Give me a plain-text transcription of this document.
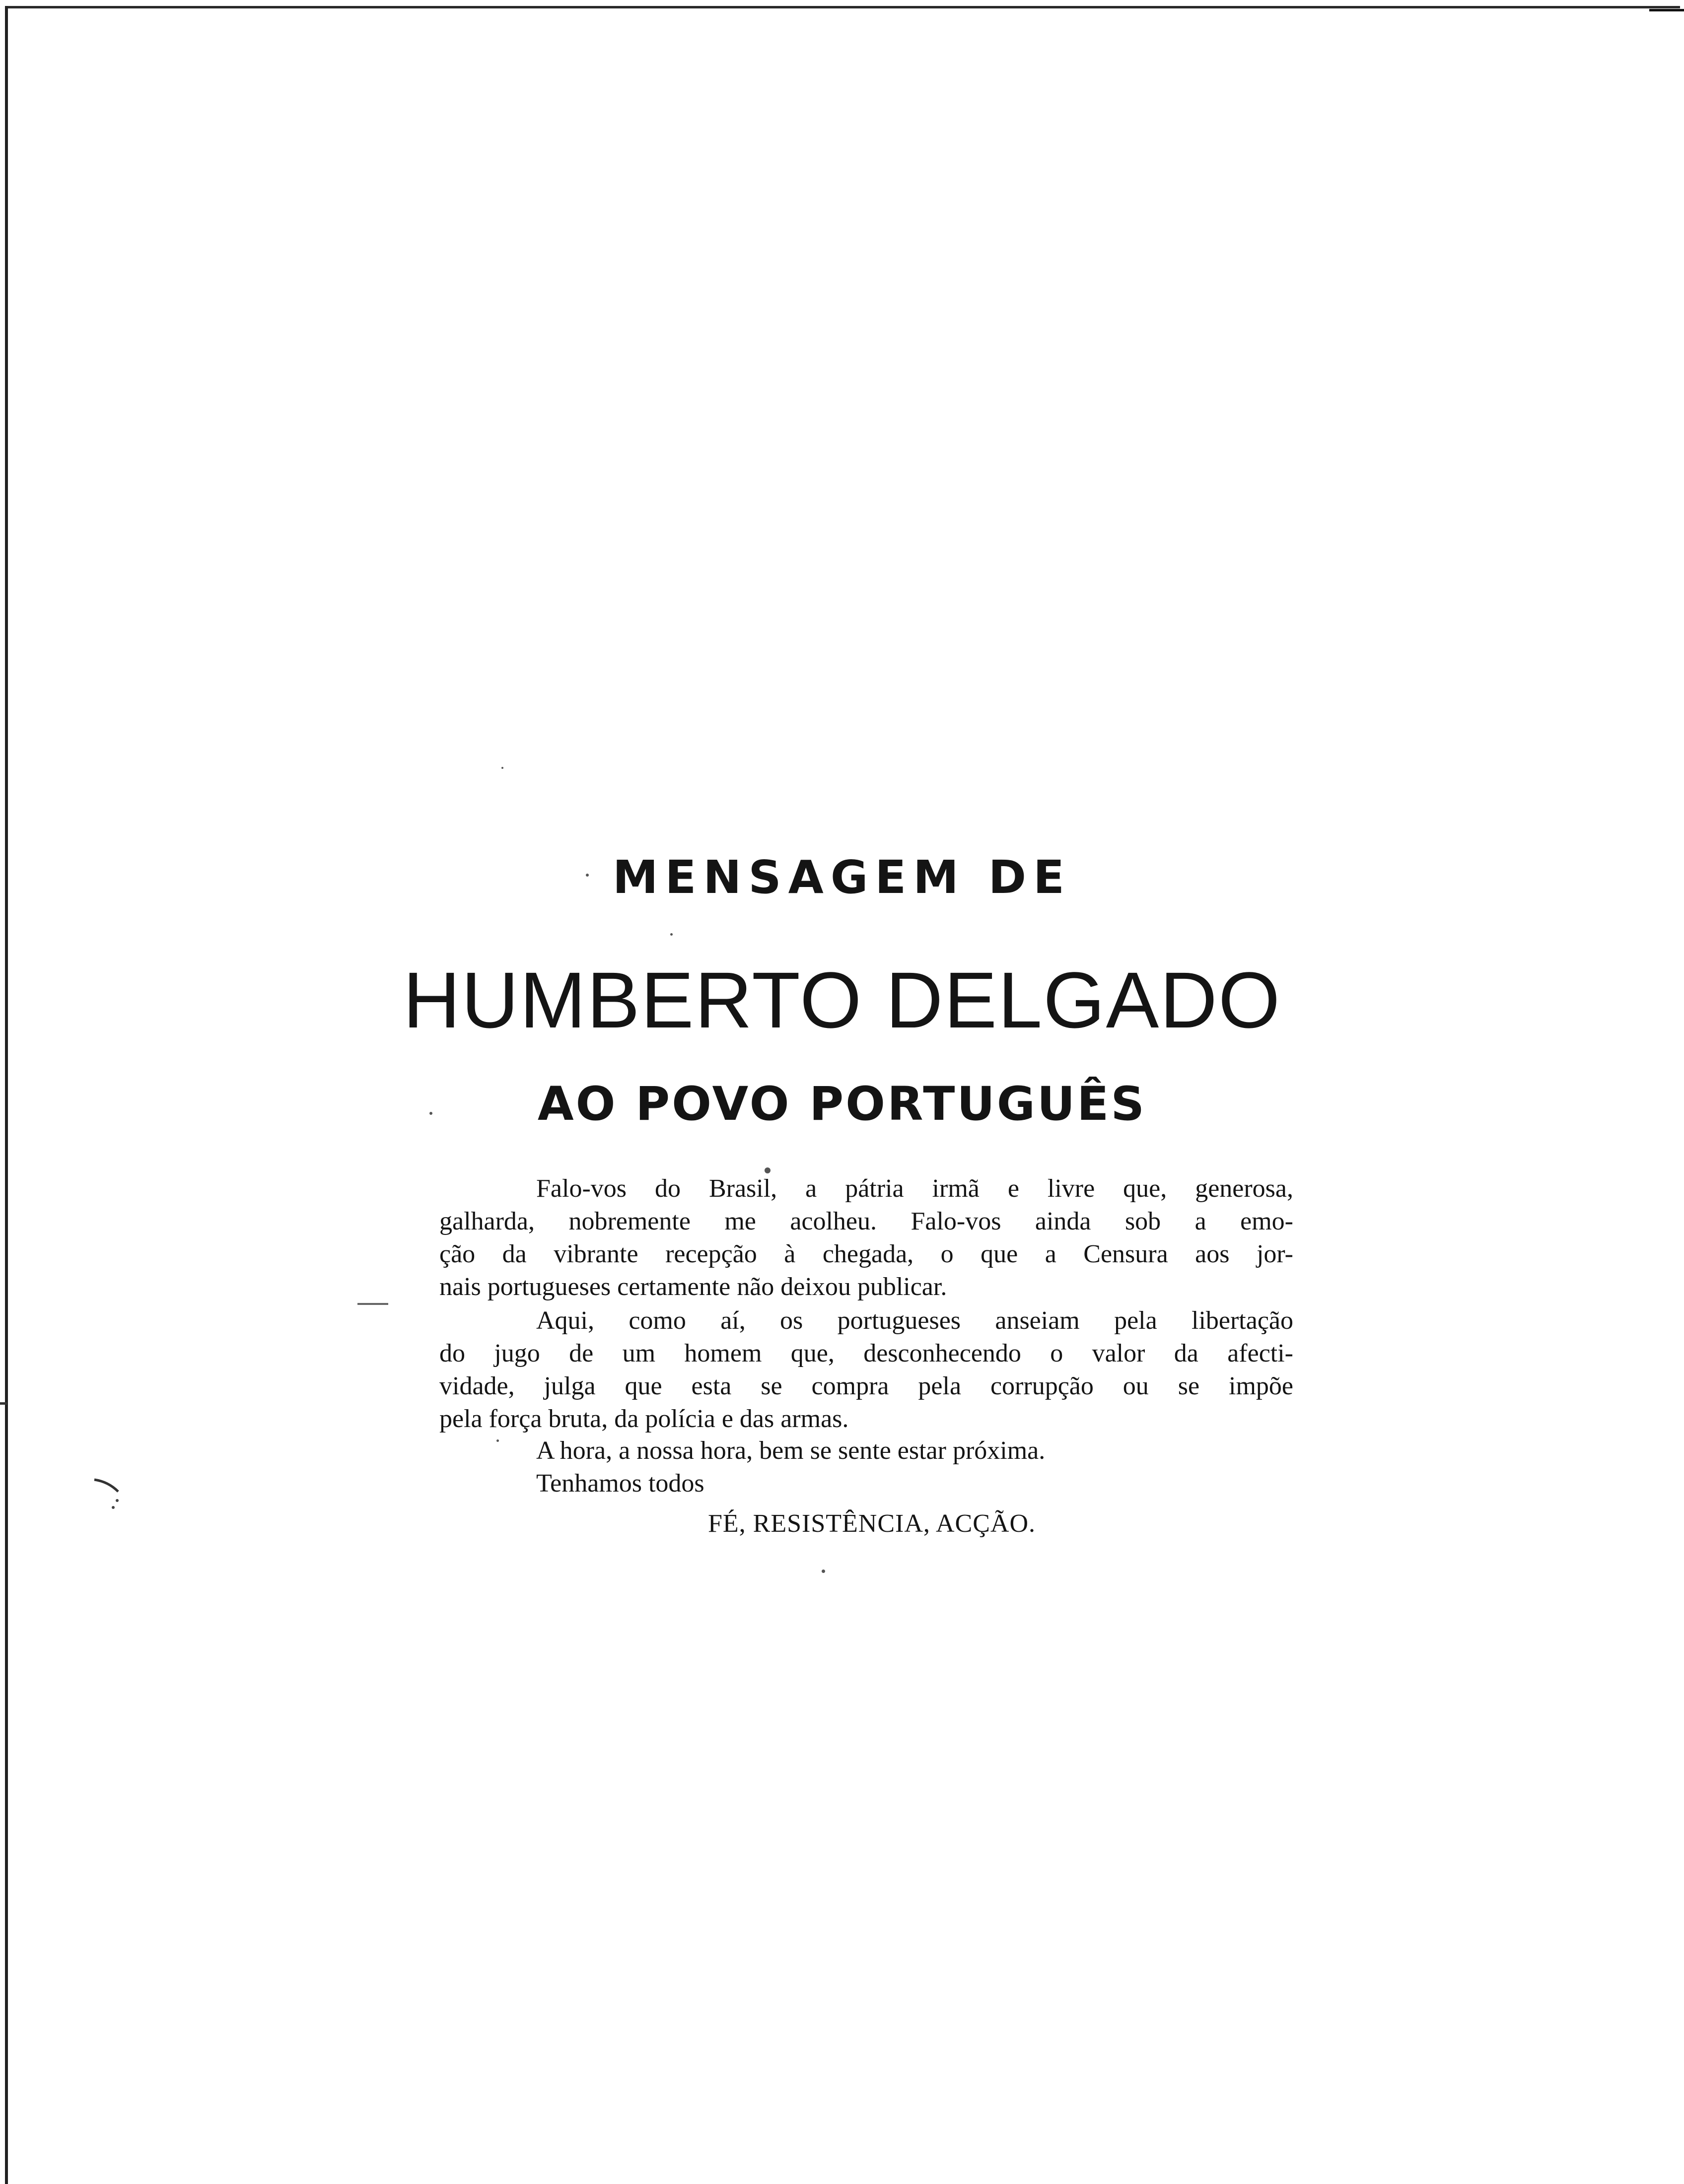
MENSAGEM DE
HUMBERTO DELGADO
AO POVO PORTUGUÊS
Falo-vos do Brasil, a pátria irmã e livre que, generosa,
galharda, nobremente me acolheu. Falo-vos ainda sob a emo-
ção da vibrante recepção à chegada, o que a Censura aos jor-
nais portugueses certamente não deixou publicar.
Aqui, como aí, os portugueses anseiam pela libertação
do jugo de um homem que, desconhecendo o valor da afecti-
vidade, julga que esta se compra pela corrupção ou se impõe
pela força bruta, da polícia e das armas.
A hora, a nossa hora, bem se sente estar próxima.
Tenhamos todos
FÉ, RESISTÊNCIA, ACÇÃO.
